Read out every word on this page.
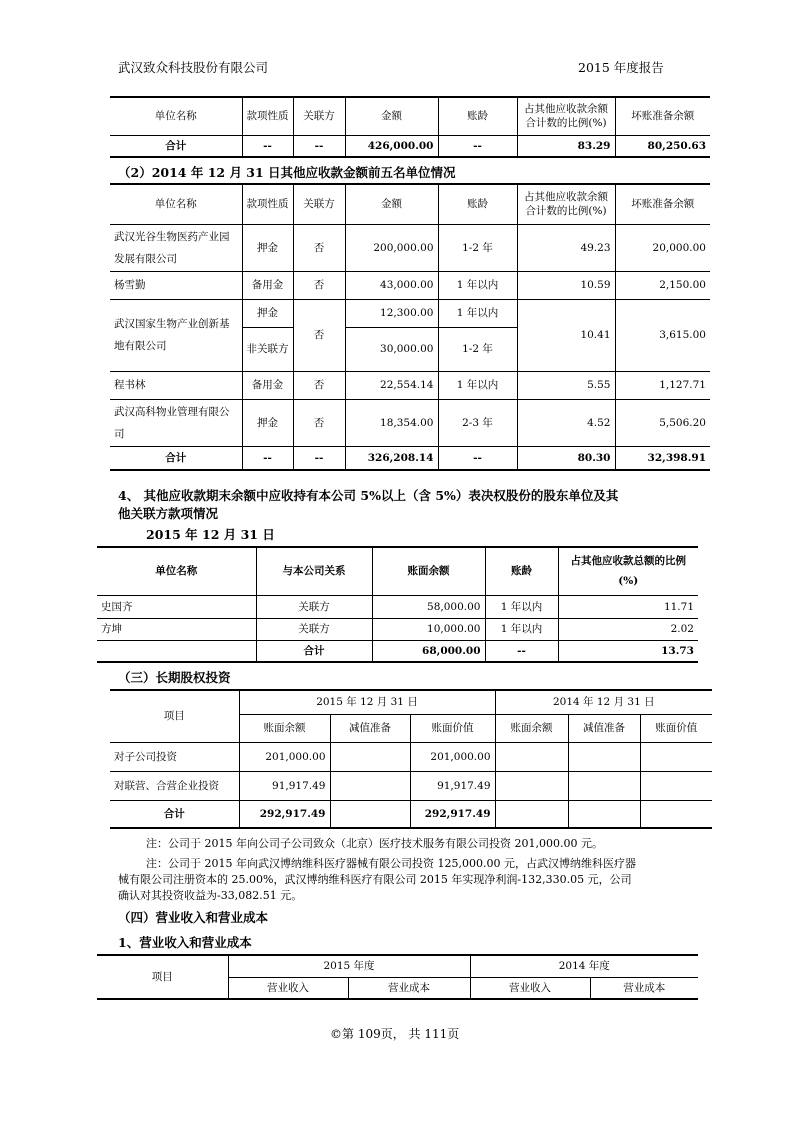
武汉致众科技股份有限公司	2015 年度报告
单位名称	款项性质	关联方	金额	账龄	占其他应收款余额合计数的比例(%)	坏账准备余额
合计	--	--	426,000.00	--	83.29	80,250.63
（2）2014 年 12 月 31 日其他应收款金额前五名单位情况
单位名称	款项性质	关联方	金额	账龄	占其他应收款余额合计数的比例(%)	坏账准备余额
武汉光谷生物医药产业园发展有限公司	押金	否	200,000.00	1-2 年	49.23	20,000.00
杨雪勤	备用金	否	43,000.00	1 年以内	10.59	2,150.00
武汉国家生物产业创新基地有限公司	押金	否	12,300.00	1 年以内	10.41	3,615.00
	非关联方		30,000.00	1-2 年		
程书林	备用金	否	22,554.14	1 年以内	5.55	1,127.71
武汉高科物业管理有限公司	押金	否	18,354.00	2-3 年	4.52	5,506.20
合计	--	--	326,208.14	--	80.30	32,398.91
4、 其他应收款期末余额中应收持有本公司 5%以上（含 5%）表决权股份的股东单位及其
他关联方款项情况
2015 年 12 月 31 日
单位名称	与本公司关系	账面余额	账龄	占其他应收款总额的比例(%)
史国齐	关联方	58,000.00	1 年以内	11.71
方坤	关联方	10,000.00	1 年以内	2.02
	合计	68,000.00	--	13.73
（三）长期股权投资
项目	2015 年 12 月 31 日			2014 年 12 月 31 日		
	账面余额	减值准备	账面价值	账面余额	减值准备	账面价值
对子公司投资	201,000.00		201,000.00			
对联营、合营企业投资	91,917.49		91,917.49			
合计	292,917.49		292,917.49			
注：公司于 2015 年向公司子公司致众（北京）医疗技术服务有限公司投资 201,000.00 元。
注：公司于 2015 年向武汉博纳维科医疗器械有限公司投资 125,000.00 元，占武汉博纳维科医疗器
械有限公司注册资本的 25.00%，武汉博纳维科医疗有限公司 2015 年实现净利润-132,330.05 元，公司
确认对其投资收益为-33,082.51 元。
（四）营业收入和营业成本
1、营业收入和营业成本
项目	2015 年度		2014 年度	
	营业收入	营业成本	营业收入	营业成本
©第 109页， 共 111页
